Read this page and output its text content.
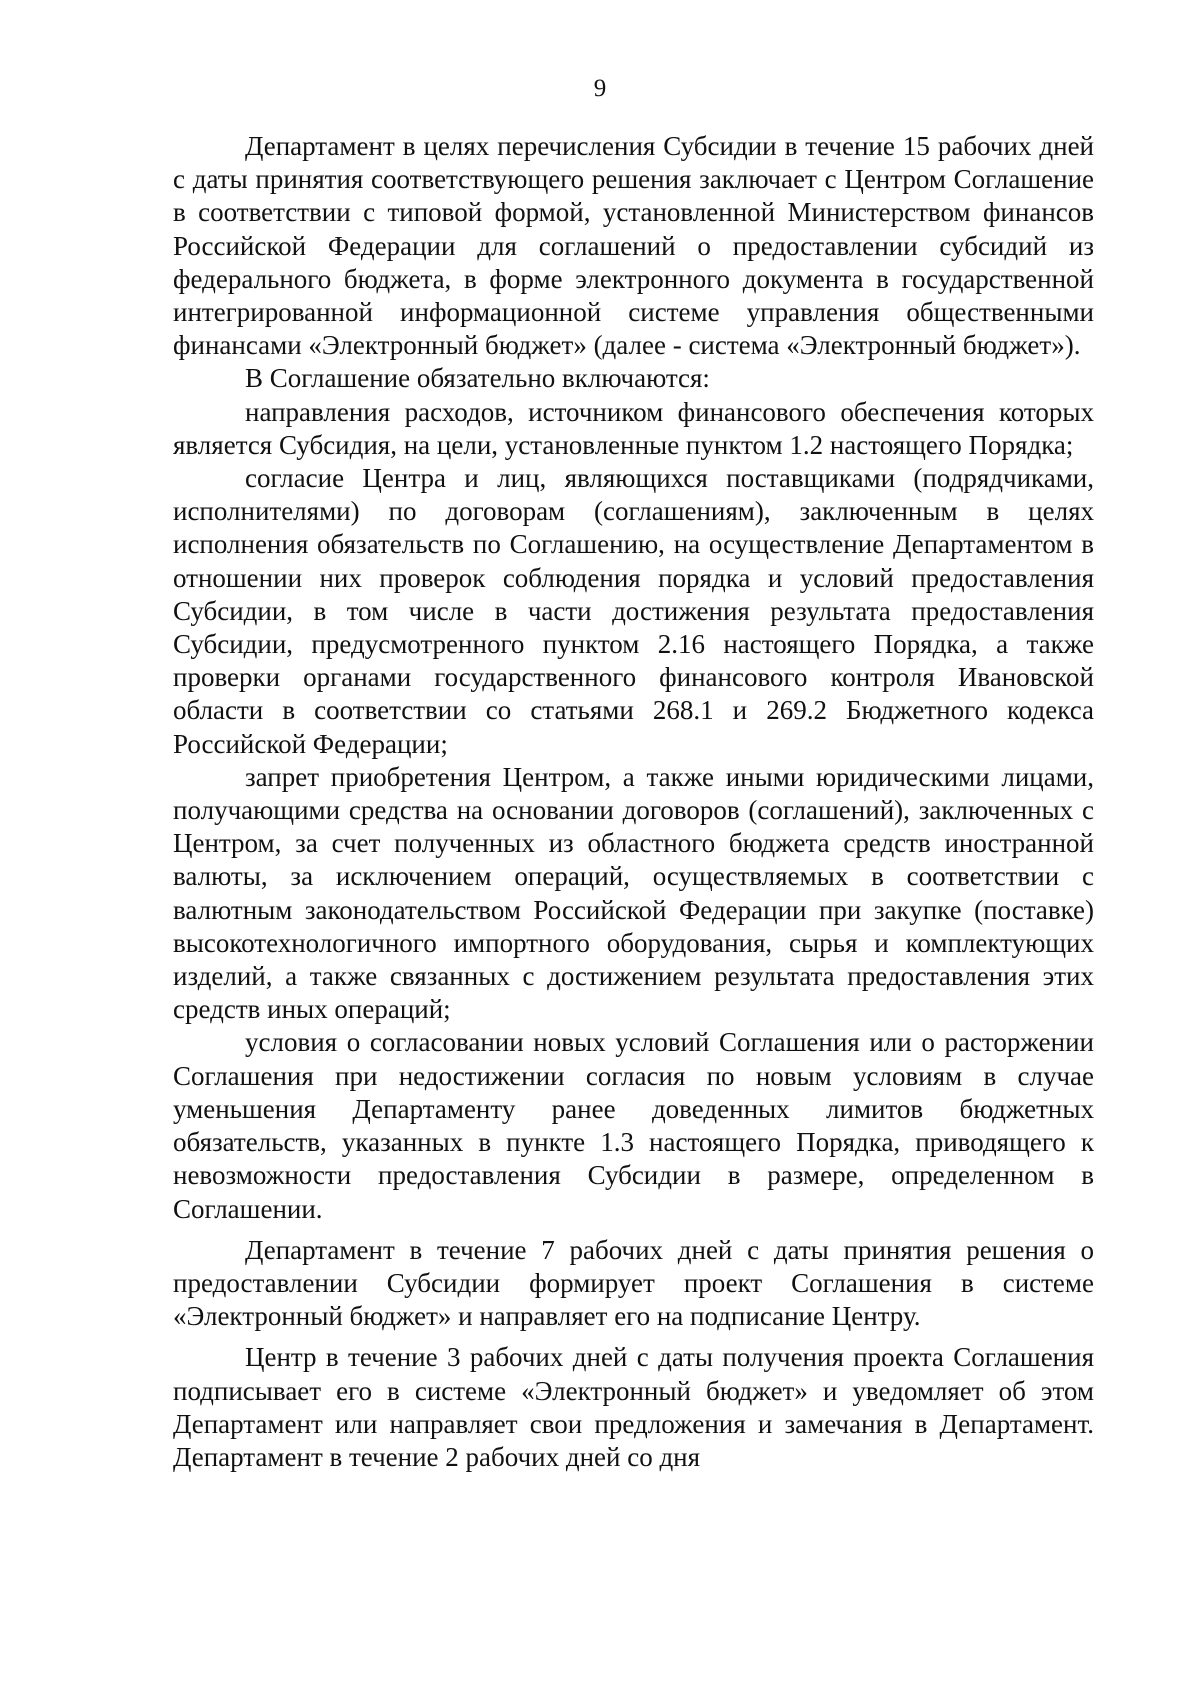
9

Департамент в целях перечисления Субсидии в течение 15 рабочих дней с даты принятия соответствующего решения заключает с Центром Соглашение в соответствии с типовой формой, установленной Министерством финансов Российской Федерации для соглашений о предоставлении субсидий из федерального бюджета, в форме электронного документа в государственной интегрированной информационной системе управления общественными финансами «Электронный бюджет» (далее - система «Электронный бюджет»).

В Соглашение обязательно включаются:

направления расходов, источником финансового обеспечения которых является Субсидия, на цели, установленные пунктом 1.2 настоящего Порядка;

согласие Центра и лиц, являющихся поставщиками (подрядчиками, исполнителями) по договорам (соглашениям), заключенным в целях исполнения обязательств по Соглашению, на осуществление Департаментом в отношении них проверок соблюдения порядка и условий предоставления Субсидии, в том числе в части достижения результата предоставления Субсидии, предусмотренного пунктом 2.16 настоящего Порядка, а также проверки органами государственного финансового контроля Ивановской области в соответствии со статьями 268.1 и 269.2 Бюджетного кодекса Российской Федерации;

запрет приобретения Центром, а также иными юридическими лицами, получающими средства на основании договоров (соглашений), заключенных с Центром, за счет полученных из областного бюджета средств иностранной валюты, за исключением операций, осуществляемых в соответствии с валютным законодательством Российской Федерации при закупке (поставке) высокотехнологичного импортного оборудования, сырья и комплектующих изделий, а также связанных с достижением результата предоставления этих средств иных операций;

условия о согласовании новых условий Соглашения или о расторжении Соглашения при недостижении согласия по новым условиям в случае уменьшения Департаменту ранее доведенных лимитов бюджетных обязательств, указанных в пункте 1.3 настоящего Порядка, приводящего к невозможности предоставления Субсидии в размере, определенном в Соглашении.

Департамент в течение 7 рабочих дней с даты принятия решения о предоставлении Субсидии формирует проект Соглашения в системе «Электронный бюджет» и направляет его на подписание Центру.

Центр в течение 3 рабочих дней с даты получения проекта Соглашения подписывает его в системе «Электронный бюджет» и уведомляет об этом Департамент или направляет свои предложения и замечания в Департамент. Департамент в течение 2 рабочих дней со дня
